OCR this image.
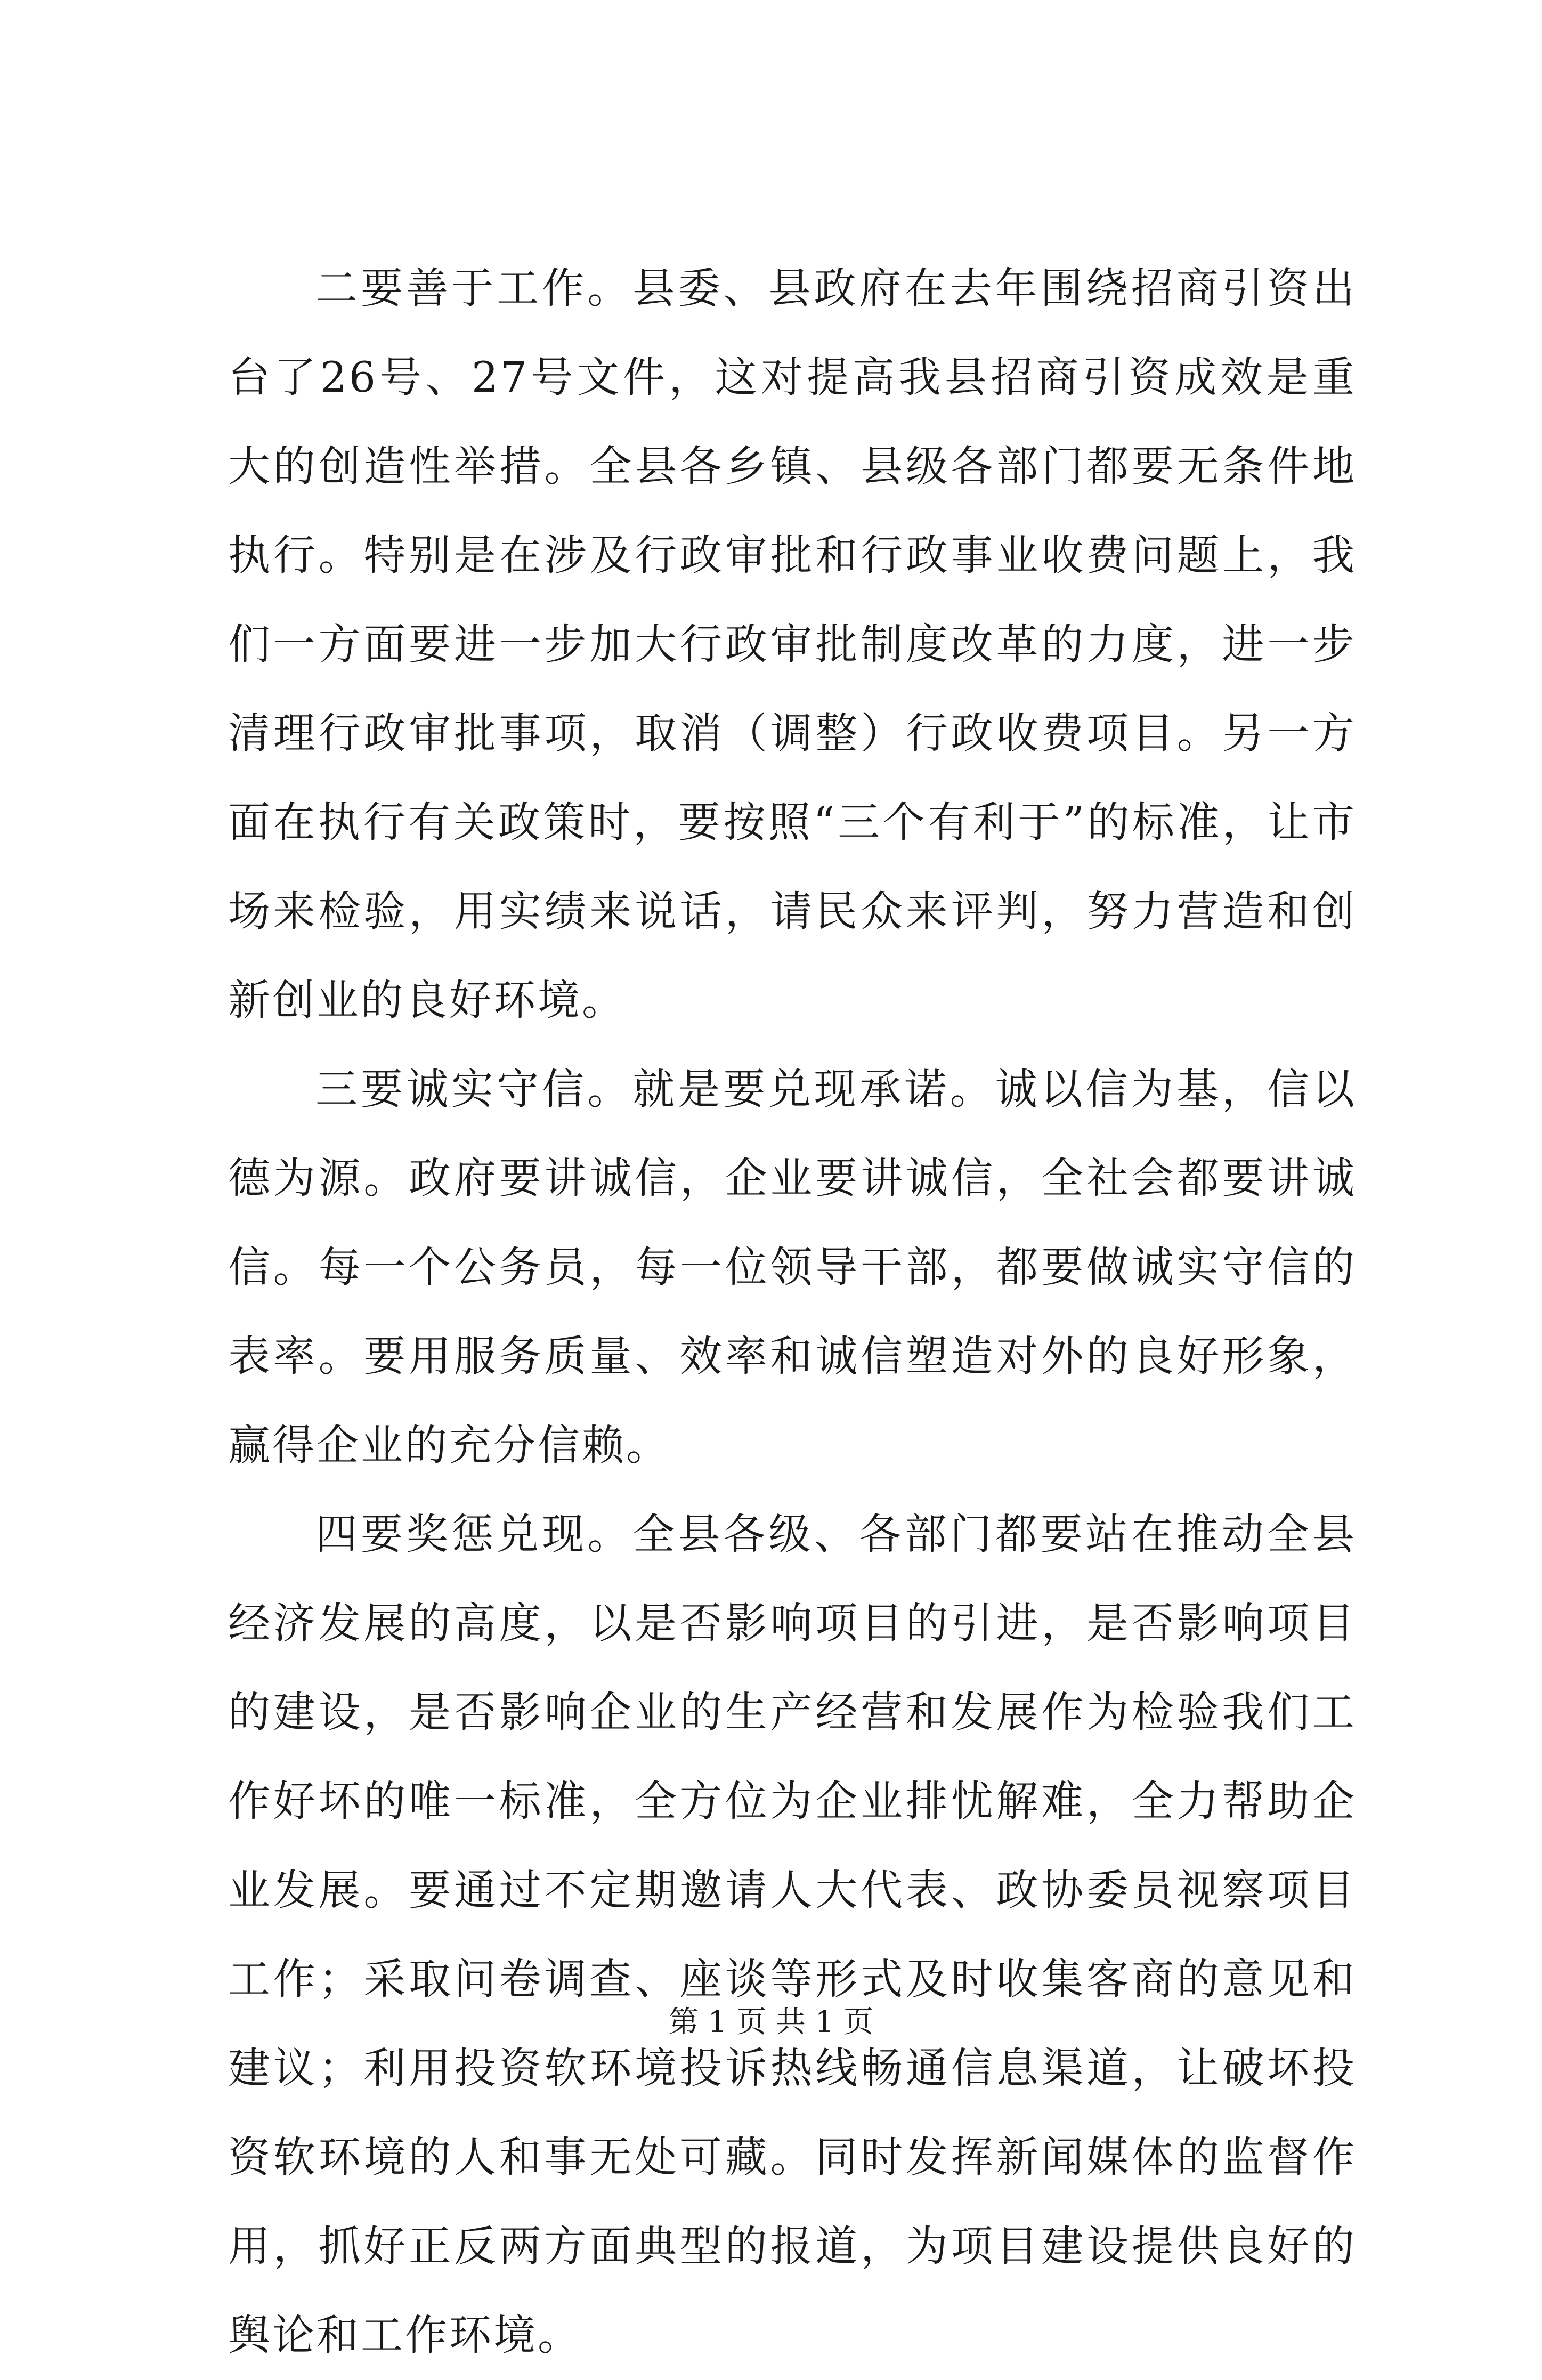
二要善于工作。县委、县政府在去年围绕招商引资出台了26号、27号文件，这对提高我县招商引资成效是重大的创造性举措。全县各乡镇、县级各部门都要无条件地执行。特别是在涉及行政审批和行政事业收费问题上，我们一方面要进一步加大行政审批制度改革的力度，进一步清理行政审批事项，取消（调整）行政收费项目。另一方面在执行有关政策时，要按照“三个有利于”的标准，让市场来检验，用实绩来说话，请民众来评判，努力营造和创新创业的良好环境。

三要诚实守信。就是要兑现承诺。诚以信为基，信以德为源。政府要讲诚信，企业要讲诚信，全社会都要讲诚信。每一个公务员，每一位领导干部，都要做诚实守信的表率。要用服务质量、效率和诚信塑造对外的良好形象，赢得企业的充分信赖。

四要奖惩兑现。全县各级、各部门都要站在推动全县经济发展的高度，以是否影响项目的引进，是否影响项目的建设，是否影响企业的生产经营和发展作为检验我们工作好坏的唯一标准，全方位为企业排忧解难，全力帮助企业发展。要通过不定期邀请人大代表、政协委员视察项目工作；采取问卷调查、座谈等形式及时收集客商的意见和建议；利用投资软环境投诉热线畅通信息渠道，让破坏投资软环境的人和事无处可藏。同时发挥新闻媒体的监督作用，抓好正反两方面典型的报道，为项目建设提供良好的舆论和工作环境。

第 1 页 共 1 页
